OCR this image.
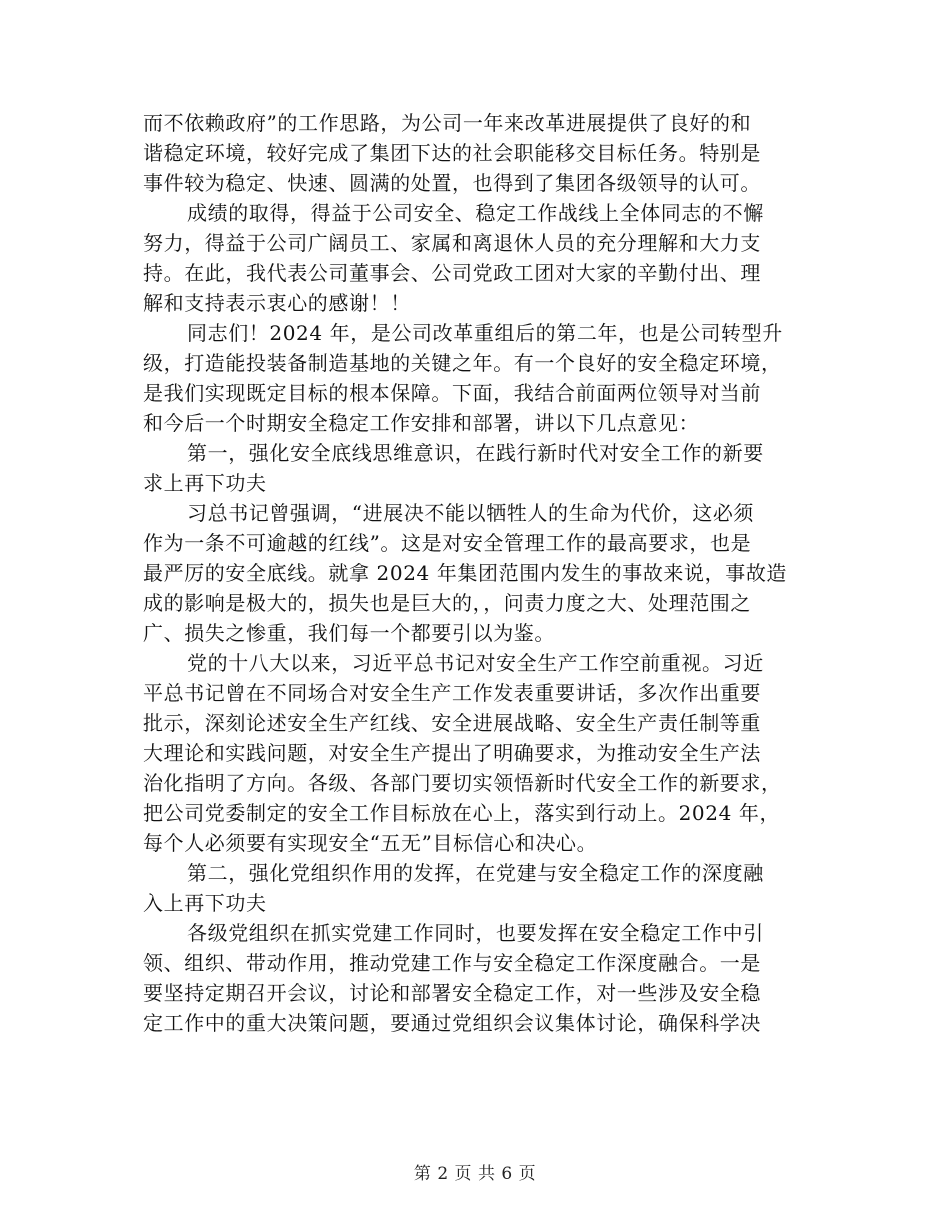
而不依赖政府”的工作思路，为公司一年来改革进展提供了良好的和
谐稳定环境，较好完成了集团下达的社会职能移交目标任务。特别是
事件较为稳定、快速、圆满的处置，也得到了集团各级领导的认可。
成绩的取得，得益于公司安全、稳定工作战线上全体同志的不懈
努力，得益于公司广阔员工、家属和离退休人员的充分理解和大力支
持。在此，我代表公司董事会、公司党政工团对大家的辛勤付出、理
解和支持表示衷心的感谢！！
同志们！2024 年，是公司改革重组后的第二年，也是公司转型升
级，打造能投装备制造基地的关键之年。有一个良好的安全稳定环境，
是我们实现既定目标的根本保障。下面，我结合前面两位领导对当前
和今后一个时期安全稳定工作安排和部署，讲以下几点意见：
第一，强化安全底线思维意识，在践行新时代对安全工作的新要
求上再下功夫
习总书记曾强调，“进展决不能以牺牲人的生命为代价，这必须
作为一条不可逾越的红线”。这是对安全管理工作的最高要求，也是
最严厉的安全底线。就拿 2024 年集团范围内发生的事故来说，事故造
成的影响是极大的，损失也是巨大的，，问责力度之大、处理范围之
广、损失之惨重，我们每一个都要引以为鉴。
党的十八大以来，习近平总书记对安全生产工作空前重视。习近
平总书记曾在不同场合对安全生产工作发表重要讲话，多次作出重要
批示，深刻论述安全生产红线、安全进展战略、安全生产责任制等重
大理论和实践问题，对安全生产提出了明确要求，为推动安全生产法
治化指明了方向。各级、各部门要切实领悟新时代安全工作的新要求，
把公司党委制定的安全工作目标放在心上，落实到行动上。2024 年，
每个人必须要有实现安全“五无”目标信心和决心。
第二，强化党组织作用的发挥，在党建与安全稳定工作的深度融
入上再下功夫
各级党组织在抓实党建工作同时，也要发挥在安全稳定工作中引
领、组织、带动作用，推动党建工作与安全稳定工作深度融合。一是
要坚持定期召开会议，讨论和部署安全稳定工作，对一些涉及安全稳
定工作中的重大决策问题，要通过党组织会议集体讨论，确保科学决
第 2 页 共 6 页
